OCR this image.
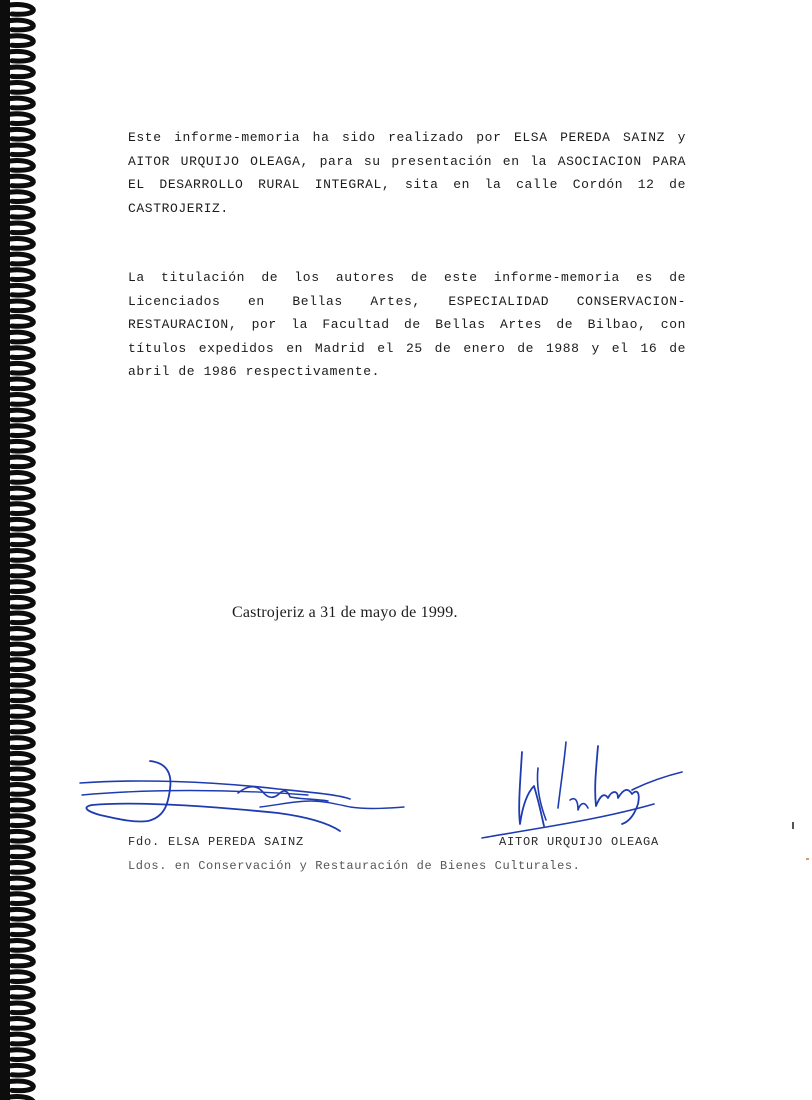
Este informe-memoria ha sido realizado por ELSA PEREDA SAINZ y AITOR URQUIJO OLEAGA, para su presentación en la ASOCIACION PARA EL DESARROLLO RURAL INTEGRAL, sita en la calle Cordón 12 de CASTROJERIZ.

La titulación de los autores de este informe-memoria es de Licenciados en Bellas Artes, ESPECIALIDAD CONSERVACION-RESTAURACION, por la Facultad de Bellas Artes de Bilbao, con títulos expedidos en Madrid el 25 de enero de 1988 y el 16 de abril de 1986 respectivamente.

Castrojeriz a 31 de mayo de 1999.
Fdo. ELSA PEREDA SAINZ	AITOR URQUIJO OLEAGA
Ldos. en Conservación y Restauración de Bienes Culturales.
